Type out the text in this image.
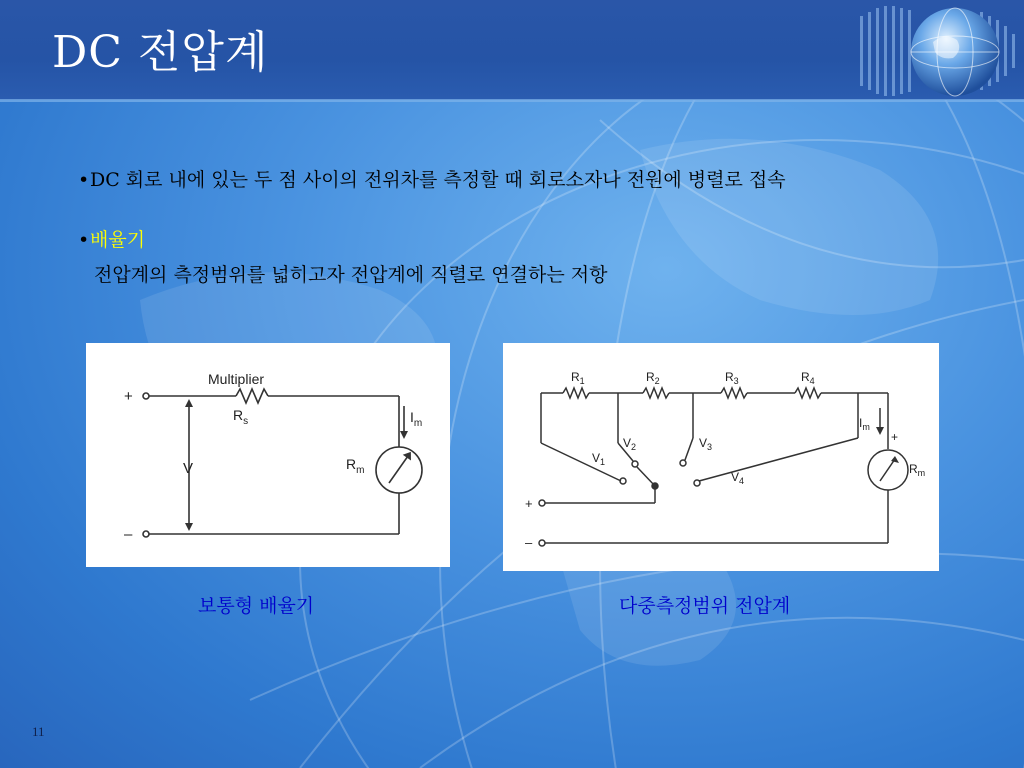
DC 전압계
•DC 회로 내에 있는 두 점 사이의 전위차를 측정할 때 회로소자나 전원에 병렬로 접속
•배율기
전압계의 측정범위를 넓히고자 전압계에 직렬로 연결하는 저항
Multiplier
$R_s$	$I_m$
$R_m$
V
+
–
$R_1$	$R_2$	$R_3$	$R_4$
$V_1$
$V_2$	$V_3$
$V_4$
$I_m$
$R_m$
+
+
–
보통형 배율기	다중측정범위 전압계
11
